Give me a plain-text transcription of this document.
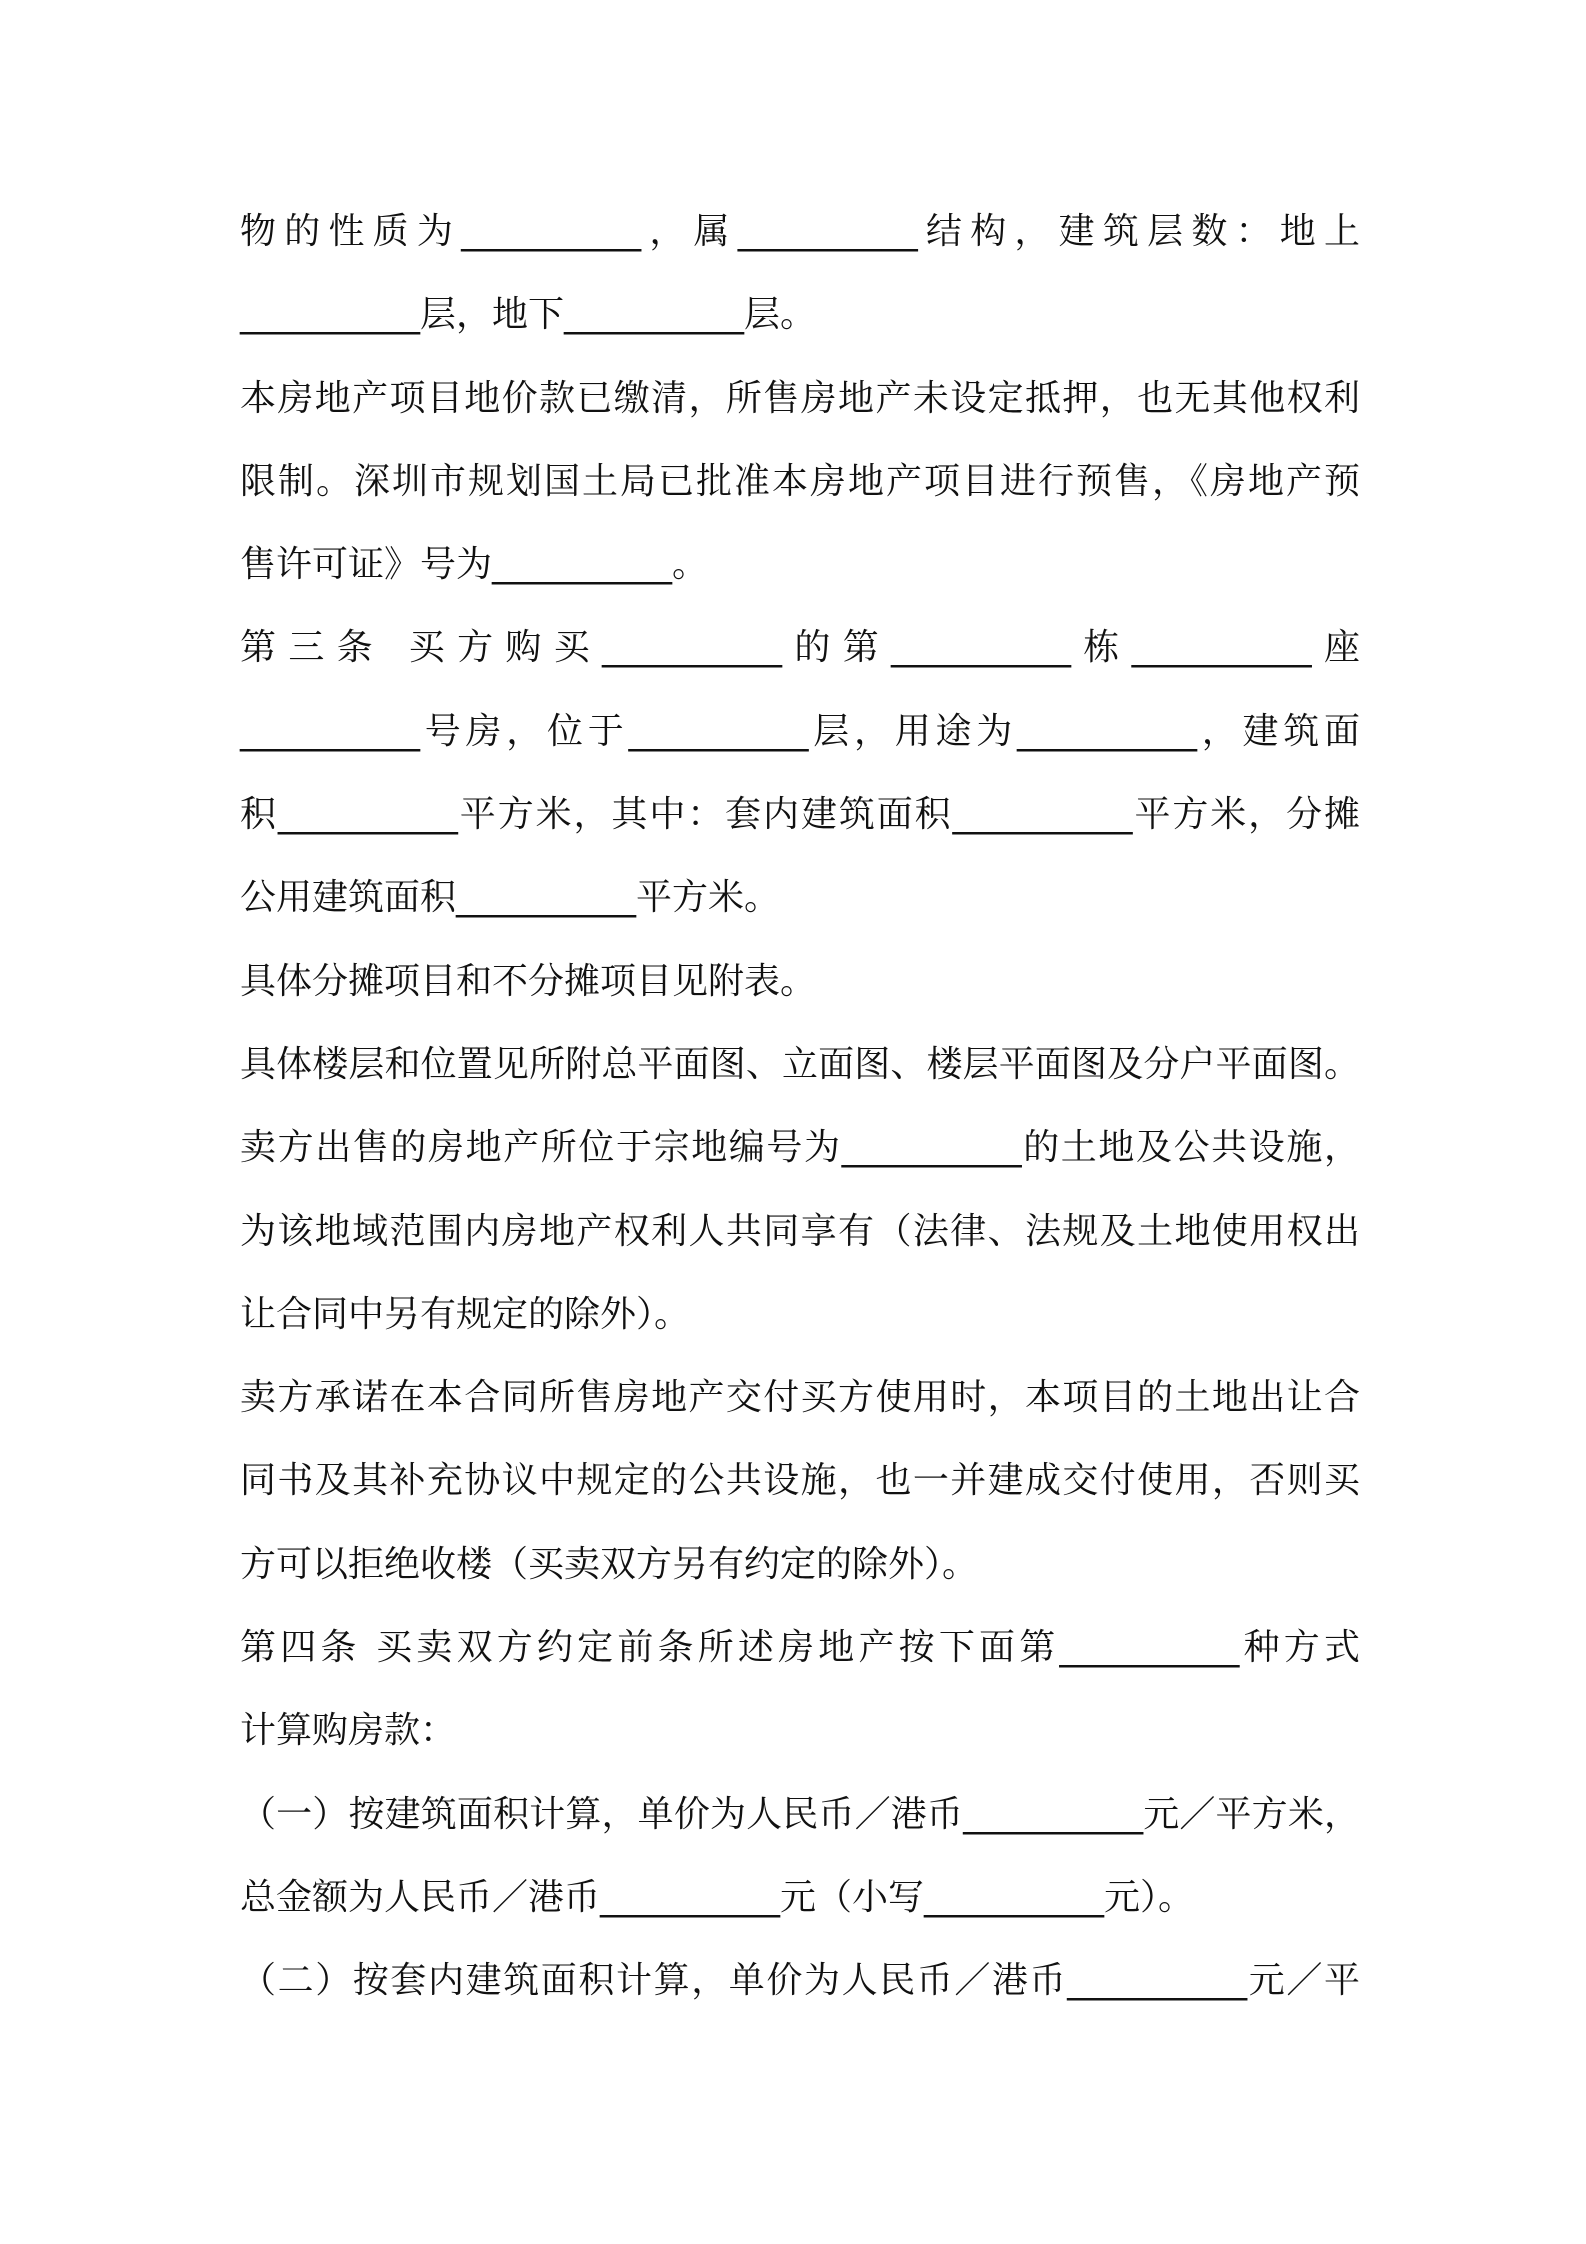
物的性质为__________，属__________结构，建筑层数：地上
__________层，地下__________层。
本房地产项目地价款已缴清，所售房地产未设定抵押，也无其他权利
限制。深圳市规划国土局已批准本房地产项目进行预售，《房地产预
售许可证》号为__________。
第三条 买方购买__________的第__________栋__________座
__________号房，位于__________层，用途为__________，建筑面
积__________平方米，其中：套内建筑面积__________平方米，分摊
公用建筑面积__________平方米。
具体分摊项目和不分摊项目见附表。
具体楼层和位置见所附总平面图、立面图、楼层平面图及分户平面图。
卖方出售的房地产所位于宗地编号为__________的土地及公共设施，
为该地域范围内房地产权利人共同享有（法律、法规及土地使用权出
让合同中另有规定的除外）。
卖方承诺在本合同所售房地产交付买方使用时，本项目的土地出让合
同书及其补充协议中规定的公共设施，也一并建成交付使用，否则买
方可以拒绝收楼（买卖双方另有约定的除外）。
第四条 买卖双方约定前条所述房地产按下面第__________种方式
计算购房款：
（一）按建筑面积计算，单价为人民币／港币__________元／平方米，
总金额为人民币／港币__________元（小写__________元）。
（二）按套内建筑面积计算，单价为人民币／港币__________元／平
